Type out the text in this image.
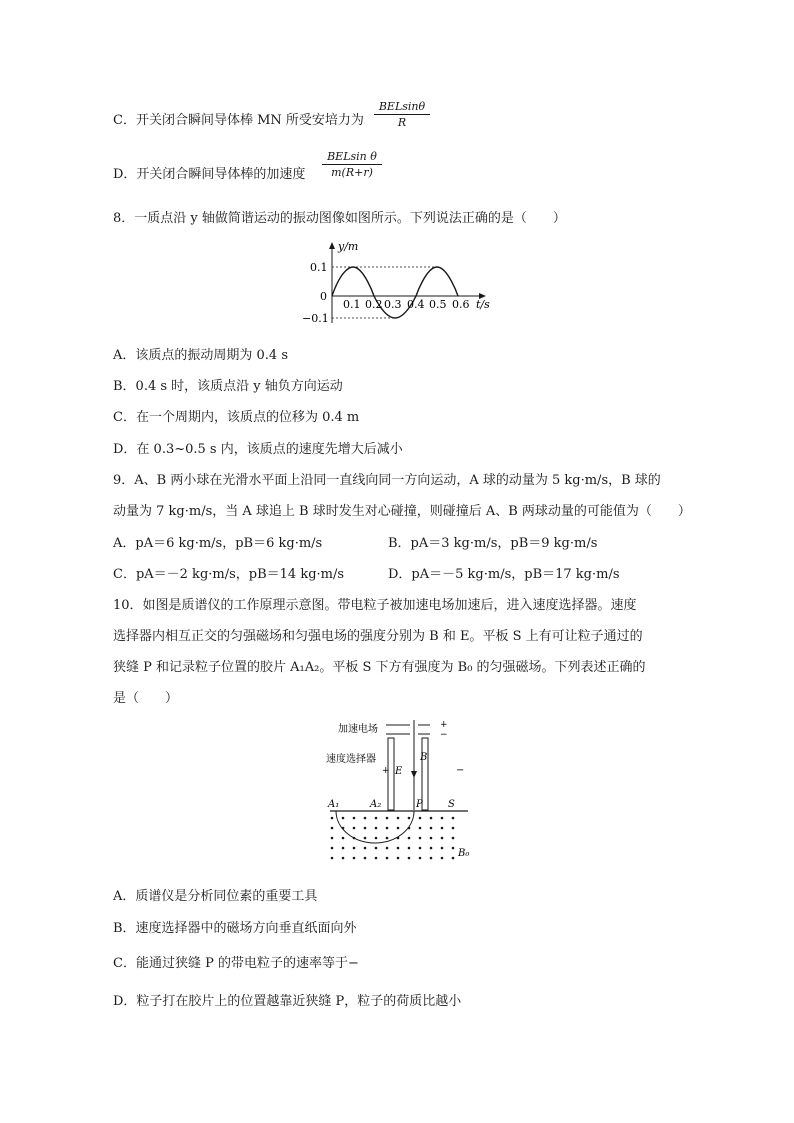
C．开关闭合瞬间导体棒 MN 所受安培力为
BELsinθ
R
D．开关闭合瞬间导体棒的加速度
BELsin θ
m(R+r)
8．一质点沿 y 轴做简谐运动的振动图像如图所示。下列说法正确的是（　　）
y/m
0.1
0
−0.1
0.1 0.2 0.3 0.4 0.5 0.6 t/s
A．该质点的振动周期为 0.4 s
B．0.4 s 时，该质点沿 y 轴负方向运动
C．在一个周期内，该质点的位移为 0.4 m
D．在 0.3~0.5 s 内，该质点的速度先增大后减小
9．A、B 两小球在光滑水平面上沿同一直线向同一方向运动，A 球的动量为 5 kg·m/s，B 球的
动量为 7 kg·m/s，当 A 球追上 B 球时发生对心碰撞，则碰撞后 A、B 两球动量的可能值为（　　）
A．pA＝6 kg·m/s，pB＝6 kg·m/s	B．pA＝3 kg·m/s，pB＝9 kg·m/s
C．pA＝－2 kg·m/s，pB＝14 kg·m/s	D．pA＝－5 kg·m/s，pB＝17 kg·m/s
10．如图是质谱仪的工作原理示意图。带电粒子被加速电场加速后，进入速度选择器。速度
选择器内相互正交的匀强磁场和匀强电场的强度分别为 B 和 E。平板 S 上有可让粒子通过的
狭缝 P 和记录粒子位置的胶片 A₁A₂。平板 S 下方有强度为 B₀ 的匀强磁场。下列表述正确的
是（　　）
加速电场	+
−
速度选择器
+	−
E
B
A₁	A₂	P	S
B₀
A．质谱仪是分析同位素的重要工具
B．速度选择器中的磁场方向垂直纸面向外
C．能通过狭缝 P 的带电粒子的速率等于−
D．粒子打在胶片上的位置越靠近狭缝 P，粒子的荷质比越小
